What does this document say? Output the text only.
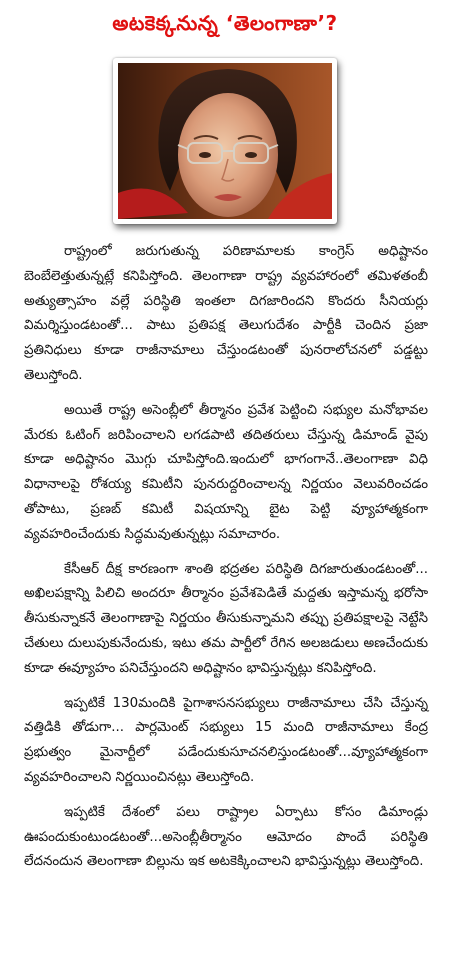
అటకెక్కనున్న ‘తెలంగాణా’?

రాష్ట్రంలో జరుగుతున్న పరిణామాలకు కాంగ్రెస్ అధిష్టానం బెంబేలెత్తుతున్నట్లే కనిపిస్తోంది. తెలంగాణా రాష్ట్ర వ్యవహారంలో తమిళతంబీ అత్యుత్సాహం వల్లే పరిస్థితి ఇంతలా దిగజారిందని కొందరు సీనియర్లు విమర్శిస్తుండటంతో... పాటు ప్రతిపక్ష తెలుగుదేశం పార్టీకి చెందిన ప్రజా ప్రతినిధులు కూడా రాజీనామాలు చేస్తుండటంతో పునరాలోచనలో పడ్డట్టు తెలుస్తోంది.

అయితే రాష్ట్ర అసెంబ్లీలో తీర్మానం ప్రవేశ పెట్టించి సభ్యుల మనోభావల మేరకు ఓటింగ్ జరిపించాలని లగడపాటి తదితరులు చేస్తున్న డిమాండ్ వైపు కూడా అధిష్టానం మొగ్గు చూపిస్తోంది.ఇందులో భాగంగానే..తెలంగాణా విధి విధానాలపై రోశయ్య కమిటీని పునరుద్దరించాలన్న నిర్ణయం వెలువరించడం తోపాటు, ప్రణబ్ కమిటీ విషయాన్ని బైట పెట్టి వ్యూహాత్మకంగా వ్యవహరించేందుకు సిద్ధమవుతున్నట్లు సమాచారం.

కేసీఆర్ దీక్ష కారణంగా శాంతి భద్రతల పరిస్థితి దిగజారుతుండటంతో... అఖిలపక్షాన్ని పిలిచి అందరూ తీర్మానం ప్రవేశపెడితే మద్దతు ఇస్తామన్న భరోసా తీసుకున్నాకనే తెలంగాణాపై నిర్ణయం తీసుకున్నామని తప్పు ప్రతిపక్షాలపై నెట్టేసి చేతులు దులుపుకునేందుకు, ఇటు తమ పార్టీలో రేగిన అలజడులు అణచేందుకు కూడా ఈవ్యూహం పనిచేస్తుందని అధిష్టానం భావిస్తున్నట్లు కనిపిస్తోంది.

ఇప్పటికే 130మందికి పైగాశాసనసభ్యులు రాజీనామాలు చేసి చేస్తున్న వత్తిడికి తోడుగా... పార్లమెంట్ సభ్యులు 15 మంది రాజీనామాలు కేంద్ర ప్రభుత్వం మైనార్టీలో పడేందుకుసూచనలిస్తుండటంతో...వ్యూహాత్మకంగా వ్యవహరించాలని నిర్ణయించినట్లు తెలుస్తోంది.

ఇప్పటికే దేశంలో పలు రాష్ట్రాల ఏర్పాటు కోసం డిమాండ్లు ఊపందుకుంటుండటంతో...అసెంబ్లీతీర్మానం ఆమోదం పొందే పరిస్థితి లేదనందున తెలంగాణా బిల్లును ఇక అటకెక్కించాలని భావిస్తున్నట్లు తెలుస్తోంది.
